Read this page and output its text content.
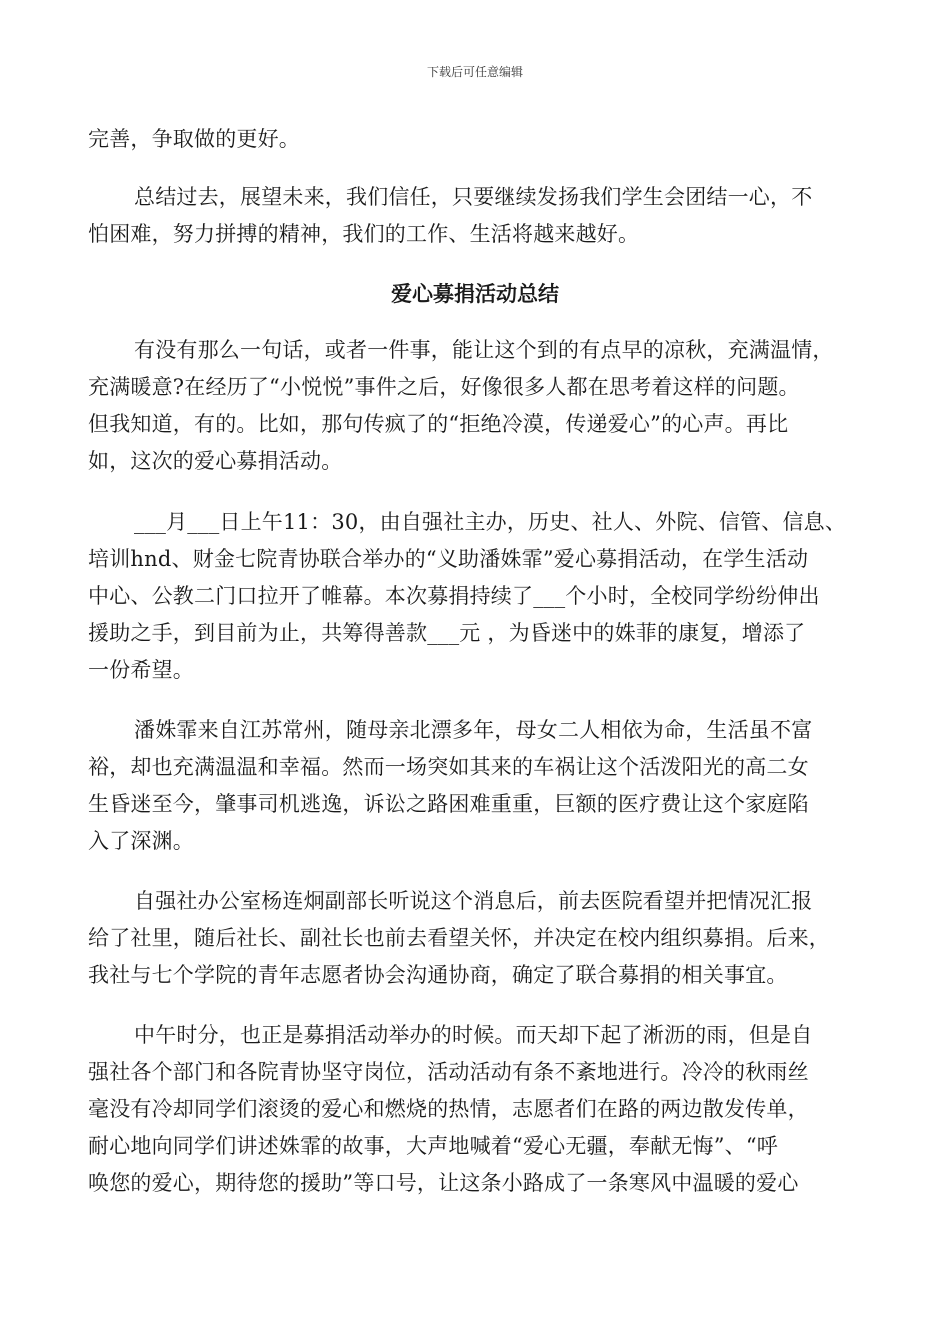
下载后可任意编辑
完善，争取做的更好。
总结过去，展望未来，我们信任，只要继续发扬我们学生会团结一心，不
怕困难，努力拼搏的精神，我们的工作、生活将越来越好。
爱心募捐活动总结
有没有那么一句话，或者一件事，能让这个到的有点早的凉秋，充满温情，
充满暖意?在经历了“小悦悦”事件之后，好像很多人都在思考着这样的问题。
但我知道，有的。比如，那句传疯了的“拒绝冷漠，传递爱心”的心声。再比
如，这次的爱心募捐活动。
___月___日上午11：30，由自强社主办，历史、社人、外院、信管、信息、
培训hnd、财金七院青协联合举办的“义助潘姝霏”爱心募捐活动，在学生活动
中心、公教二门口拉开了帷幕。本次募捐持续了___个小时，全校同学纷纷伸出
援助之手，到目前为止，共筹得善款___元 ，为昏迷中的姝菲的康复，增添了
一份希望。
潘姝霏来自江苏常州，随母亲北漂多年，母女二人相依为命，生活虽不富
裕，却也充满温温和幸福。然而一场突如其来的车祸让这个活泼阳光的高二女
生昏迷至今，肇事司机逃逸，诉讼之路困难重重，巨额的医疗费让这个家庭陷
入了深渊。
自强社办公室杨连炯副部长听说这个消息后，前去医院看望并把情况汇报
给了社里，随后社长、副社长也前去看望关怀，并决定在校内组织募捐。后来，
我社与七个学院的青年志愿者协会沟通协商，确定了联合募捐的相关事宜。
中午时分，也正是募捐活动举办的时候。而天却下起了淅沥的雨，但是自
强社各个部门和各院青协坚守岗位，活动活动有条不紊地进行。冷冷的秋雨丝
毫没有冷却同学们滚烫的爱心和燃烧的热情，志愿者们在路的两边散发传单，
耐心地向同学们讲述姝霏的故事，大声地喊着“爱心无疆，奉献无悔”、“呼
唤您的爱心，期待您的援助”等口号，让这条小路成了一条寒风中温暖的爱心
